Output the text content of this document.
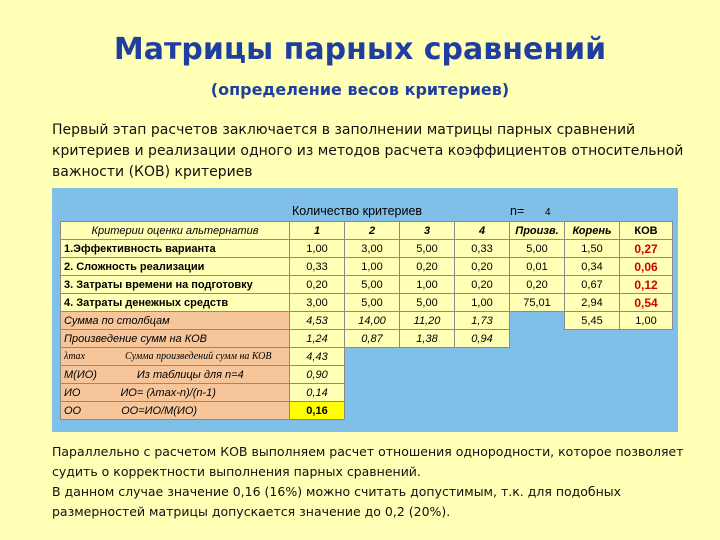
Матрицы парных сравнений
(определение весов критериев)
Первый этап расчетов заключается в заполнении матрицы парных сравнений критериев и реализации одного из методов расчета коэффициентов относительной важности (КОВ) критериев
Количество критериев	n= 4
Критерии оценки альтернатив	1	2	3	4	Произв.	Корень	КОВ
1.Эффективность варианта	1,00	3,00	5,00	0,33	5,00	1,50	0,27
2. Сложность реализации	0,33	1,00	0,20	0,20	0,01	0,34	0,06
3. Затраты времени на подготовку	0,20	5,00	1,00	0,20	0,20	0,67	0,12
4. Затраты денежных средств	3,00	5,00	5,00	1,00	75,01	2,94	0,54
Сумма по столбцам	4,53	14,00	11,20	1,73		5,45	1,00
Произведение сумм на КОВ	1,24	0,87	1,38	0,94			
λmax Сумма произведений сумм на КОВ	4,43						
М(ИО) Из таблицы для n=4	0,90						
ИО ИО= (λmax-n)/(n-1)	0,14						
ОО ОО=ИО/М(ИО)	0,16						

Параллельно с расчетом КОВ выполняем расчет отношения однородности, которое позволяет судить о корректности выполнения парных сравнений.

В данном случае значение 0,16 (16%) можно считать допустимым, т.к. для подобных размерностей матрицы допускается значение до 0,2 (20%).
